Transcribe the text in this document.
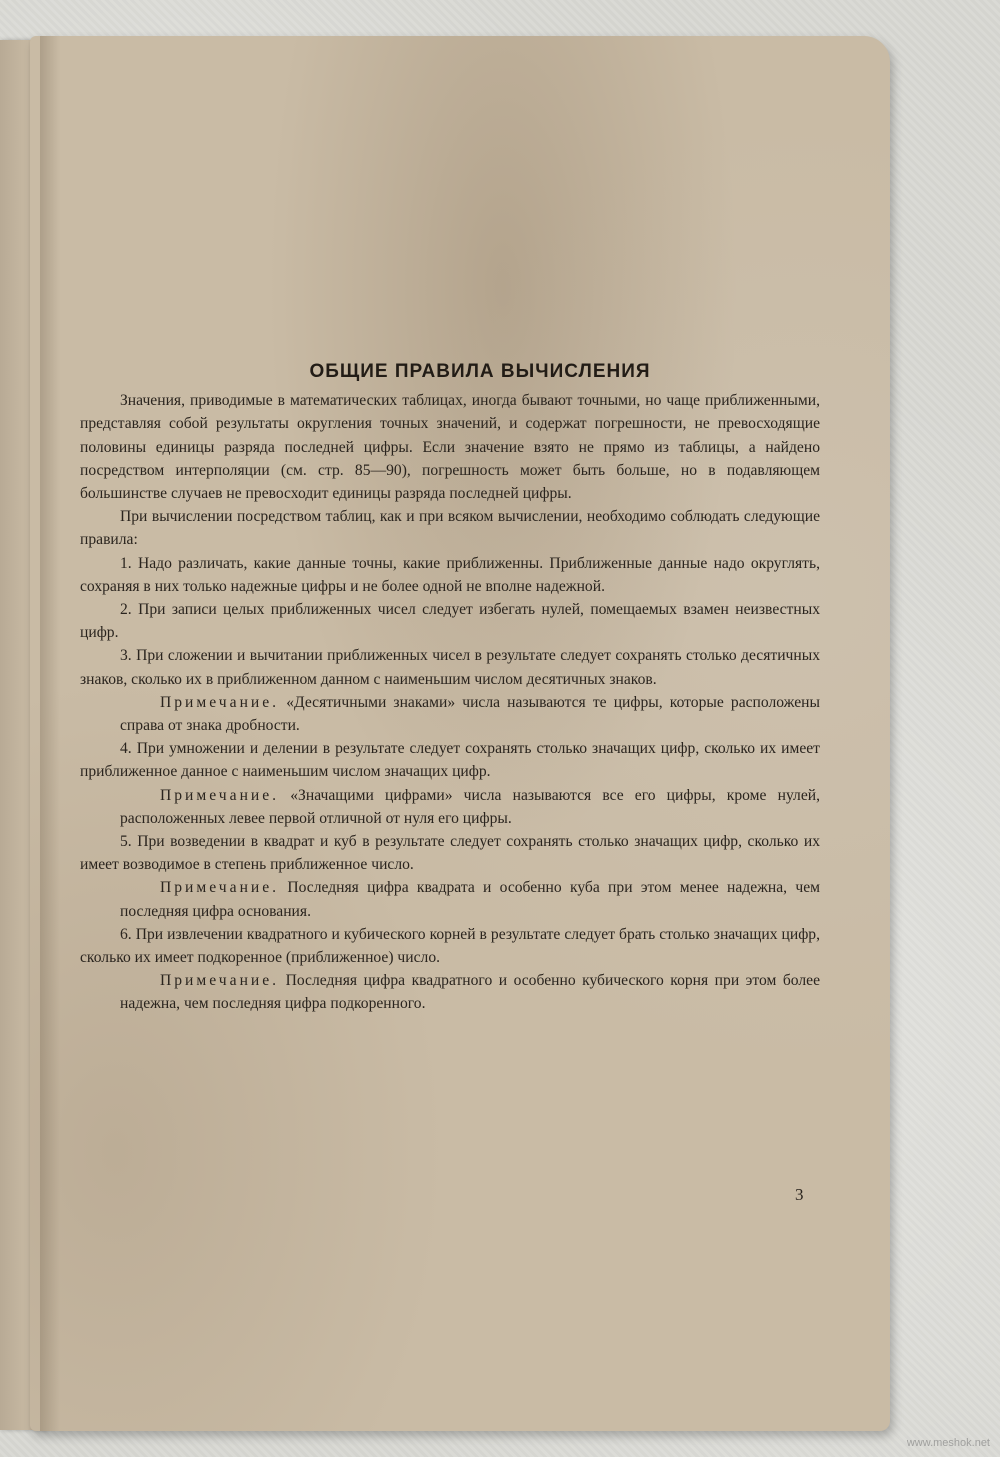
ОБЩИЕ ПРАВИЛА ВЫЧИСЛЕНИЯ

Значения, приводимые в математических таблицах, иногда бывают точными, но чаще приближенными, представляя собой результаты округления точных значений, и содержат погрешности, не превосходящие половины единицы разряда последней цифры. Если значение взято не прямо из таблицы, а найдено посредством интерполяции (см. стр. 85—90), погрешность может быть больше, но в подавляющем большинстве случаев не превосходит единицы разряда последней цифры.

При вычислении посредством таблиц, как и при всяком вычислении, необходимо соблюдать следующие правила:

1. Надо различать, какие данные точны, какие приближенны. Приближенные данные надо округлять, сохраняя в них только надежные цифры и не более одной не вполне надежной.

2. При записи целых приближенных чисел следует избегать нулей, помещаемых взамен неизвестных цифр.

3. При сложении и вычитании приближенных чисел в результате следует сохранять столько десятичных знаков, сколько их в приближенном данном с наименьшим числом десятичных знаков.

Примечание. «Десятичными знаками» числа называются те цифры, которые расположены справа от знака дробности.

4. При умножении и делении в результате следует сохранять столько значащих цифр, сколько их имеет приближенное данное с наименьшим числом значащих цифр.

Примечание. «Значащими цифрами» числа называются все его цифры, кроме нулей, расположенных левее первой отличной от нуля его цифры.

5. При возведении в квадрат и куб в результате следует сохранять столько значащих цифр, сколько их имеет возводимое в степень приближенное число.

Примечание. Последняя цифра квадрата и особенно куба при этом менее надежна, чем последняя цифра основания.

6. При извлечении квадратного и кубического корней в результате следует брать столько значащих цифр, сколько их имеет подкоренное (приближенное) число.

Примечание. Последняя цифра квадратного и особенно кубического корня при этом более надежна, чем последняя цифра подкоренного.

3
www.meshok.net
